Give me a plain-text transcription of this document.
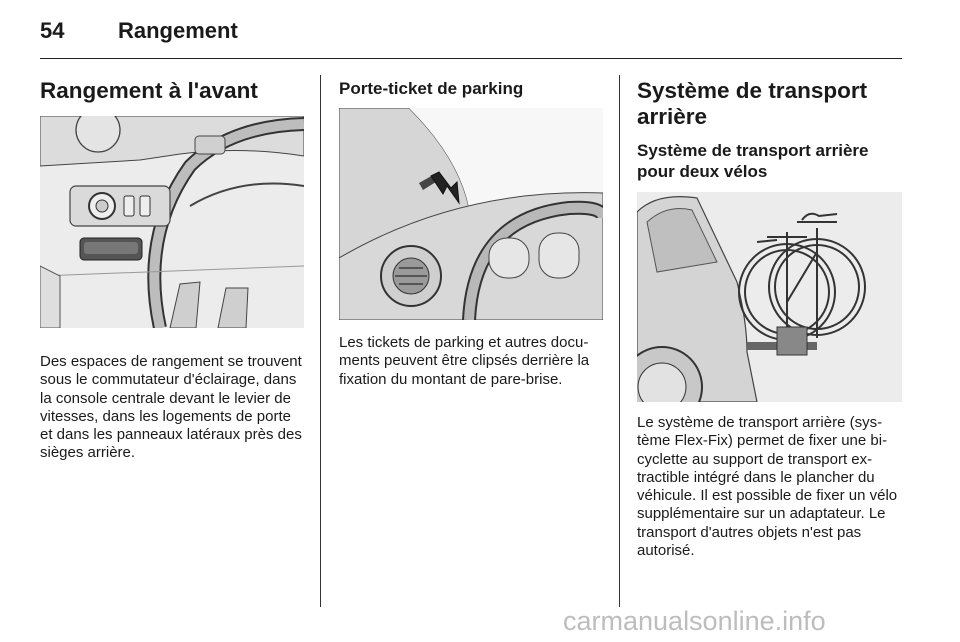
54 Rangement
Rangement à l'avant

Des espaces de rangement se trouvent sous le commutateur d'éclairage, dans la console centrale devant le levier de vitesses, dans les logements de porte et dans les panneaux latéraux près des sièges arrière.

Porte-ticket de parking

Les tickets de parking et autres documents peuvent être clipsés derrière la fixation du montant de pare-brise.

Système de transport arrière
Système de transport arrière pour deux vélos

Le système de transport arrière (système Flex-Fix) permet de fixer une bicyclette au support de transport extractible intégré dans le plancher du véhicule. Il est possible de fixer un vélo supplémentaire sur un adaptateur. Le transport d'autres objets n'est pas autorisé.

carmanualsonline.info
